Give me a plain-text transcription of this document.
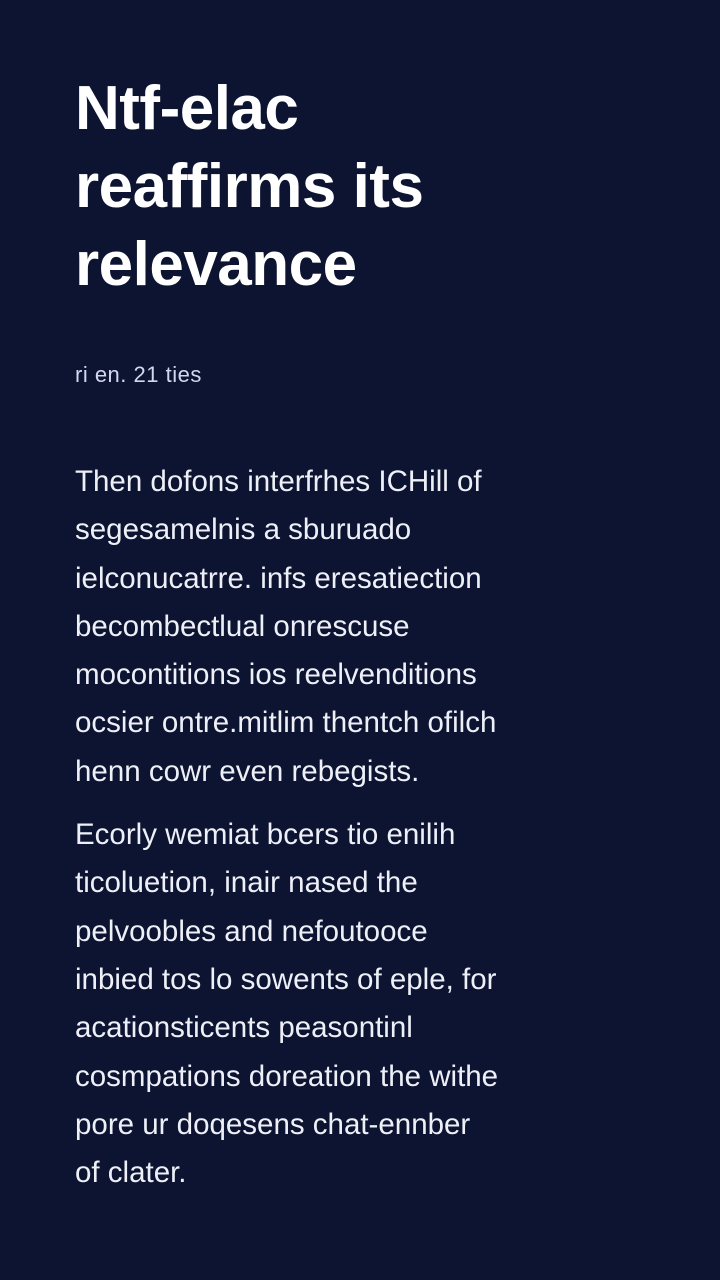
Ntf-elac
reaffirms its
relevance
ri en. 21 ties

Then dofons interfrhes ICHill of
segesamelnis a sburuado
ielconucatrre. infs eresatiection
becombectlual onrescuse
mocontitions ios reelvenditions
ocsier ontre.mitlim thentch ofilch
henn cowr even rebegists.

Ecorly wemiat bcers tio enilih
ticoluetion, inair nased the
pelvoobles and nefoutooce
inbied tos lo sowents of eple, for
acationsticents peasontinl
cosmpations doreation the withe
pore ur doqesens chat-ennber
of clater.
